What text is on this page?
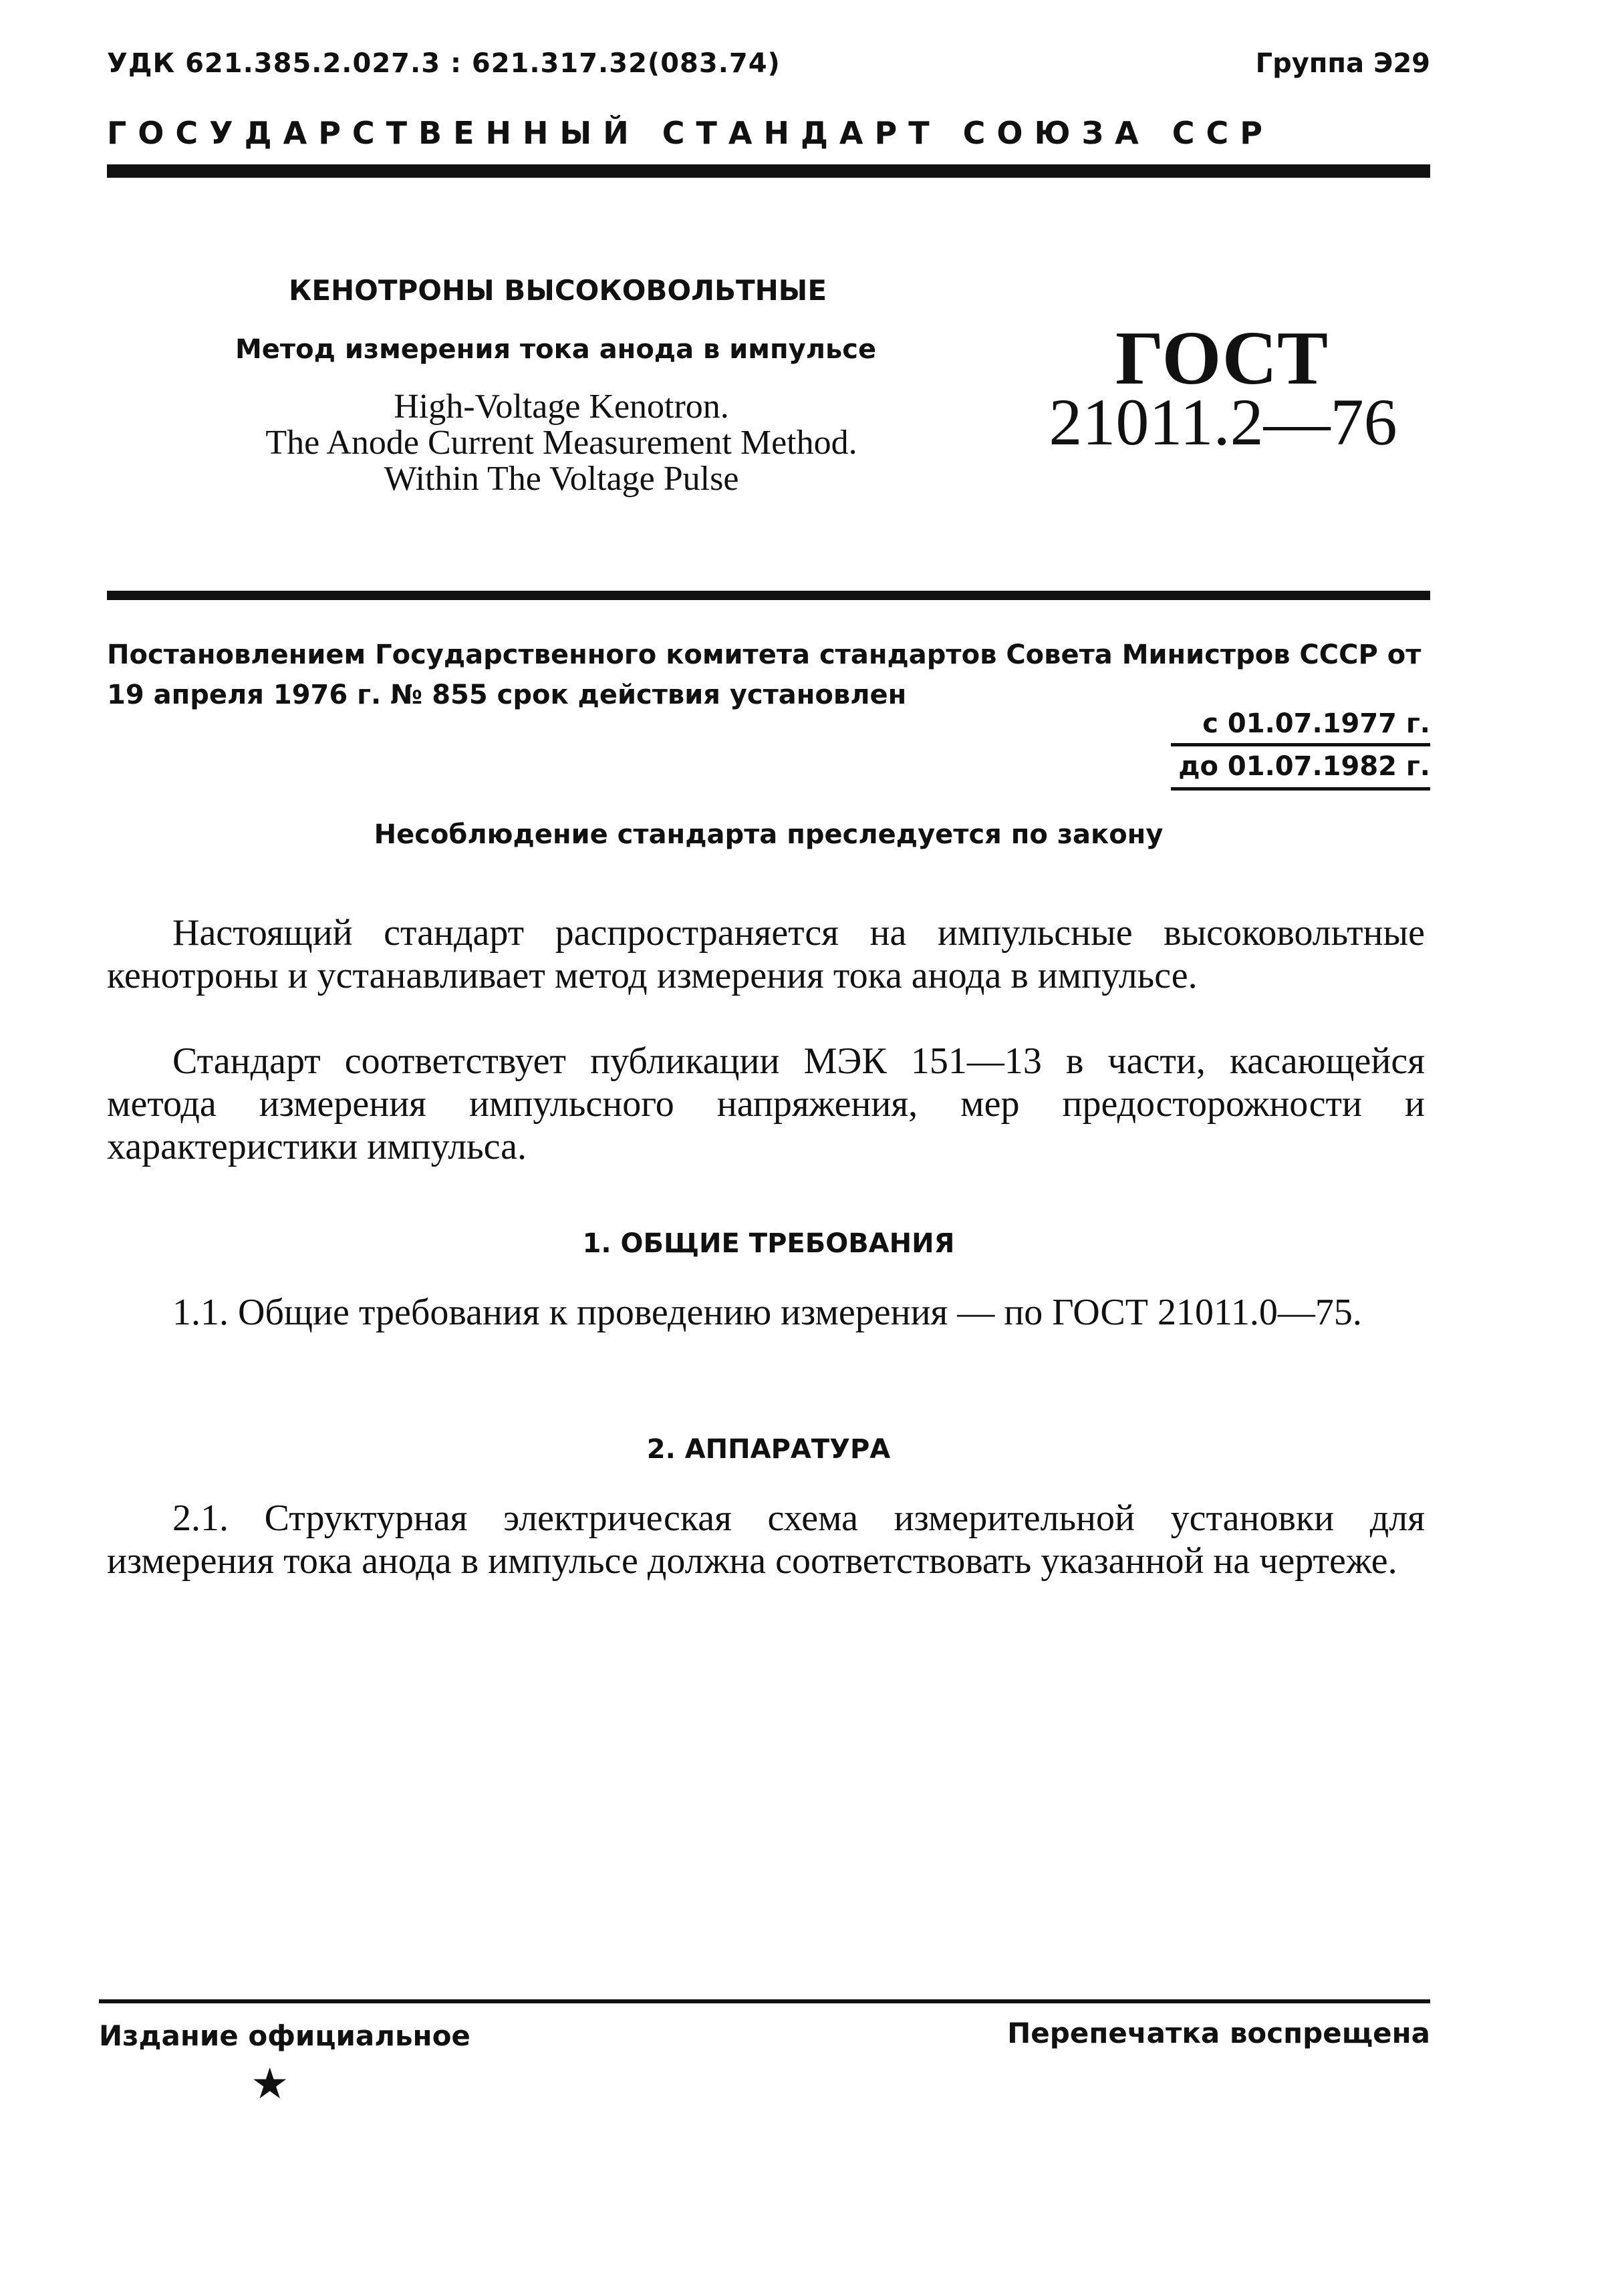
УДК 621.385.2.027.3 : 621.317.32(083.74)	Группа Э29
ГОСУДАРСТВЕННЫЙ СТАНДАРТ СОЮЗА ССР
КЕНОТРОНЫ ВЫСОКОВОЛЬТНЫЕ
Метод измерения тока анода в импульсе
High-Voltage Kenotron.
The Anode Current Measurement Method.
Within The Voltage Pulse
ГОСТ
21011.2—76
Постановлением Государственного комитета стандартов Совета Министров СССР от 19 апреля 1976 г. № 855 срок действия установлен
с 01.07.1977 г.
до 01.07.1982 г.
Несоблюдение стандарта преследуется по закону

Настоящий стандарт распространяется на импульсные высоковольтные кенотроны и устанавливает метод измерения тока анода в импульсе.

Стандарт соответствует публикации МЭК 151—13 в части, касающейся метода измерения импульсного напряжения, мер предосторожности и характеристики импульса.

1. ОБЩИЕ ТРЕБОВАНИЯ

1.1. Общие требования к проведению измерения — по ГОСТ 21011.0—75.

2. АППАРАТУРА

2.1. Структурная электрическая схема измерительной установки для измерения тока анода в импульсе должна соответствовать указанной на чертеже.

Издание официальное	Перепечатка воспрещена
★
